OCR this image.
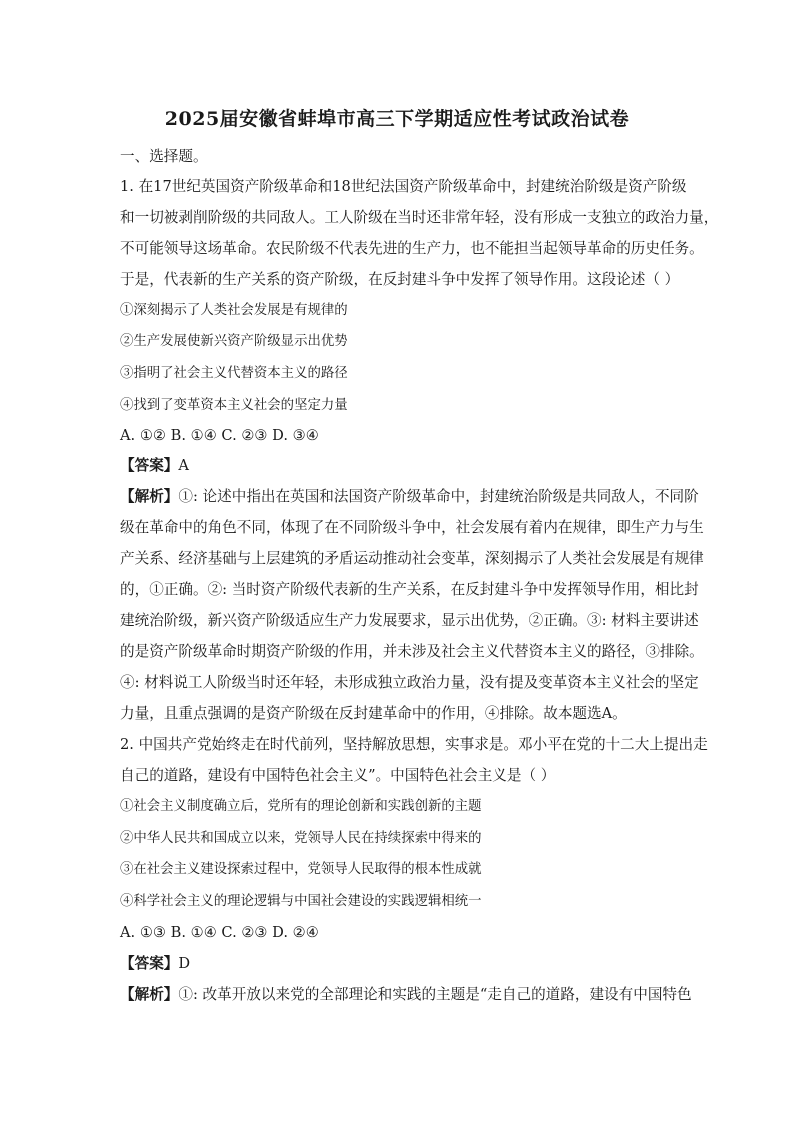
2025届安徽省蚌埠市高三下学期适应性考试政治试卷
一、选择题。
1. 在17世纪英国资产阶级革命和18世纪法国资产阶级革命中，封建统治阶级是资产阶级
和一切被剥削阶级的共同敌人。工人阶级在当时还非常年轻，没有形成一支独立的政治力量，
不可能领导这场革命。农民阶级不代表先进的生产力，也不能担当起领导革命的历史任务。
于是，代表新的生产关系的资产阶级，在反封建斗争中发挥了领导作用。这段论述（ ）
①深刻揭示了人类社会发展是有规律的
②生产发展使新兴资产阶级显示出优势
③指明了社会主义代替资本主义的路径
④找到了变革资本主义社会的坚定力量
A. ①② B. ①④ C. ②③ D. ③④
【答案】A
【解析】①: 论述中指出在英国和法国资产阶级革命中，封建统治阶级是共同敌人，不同阶
级在革命中的角色不同，体现了在不同阶级斗争中，社会发展有着内在规律，即生产力与生
产关系、经济基础与上层建筑的矛盾运动推动社会变革，深刻揭示了人类社会发展是有规律
的，①正确。②: 当时资产阶级代表新的生产关系，在反封建斗争中发挥领导作用，相比封
建统治阶级，新兴资产阶级适应生产力发展要求，显示出优势，②正确。③: 材料主要讲述
的是资产阶级革命时期资产阶级的作用，并未涉及社会主义代替资本主义的路径，③排除。
④: 材料说工人阶级当时还年轻，未形成独立政治力量，没有提及变革资本主义社会的坚定
力量，且重点强调的是资产阶级在反封建革命中的作用，④排除。故本题选A。
2. 中国共产党始终走在时代前列，坚持解放思想，实事求是。邓小平在党的十二大上提出走
自己的道路，建设有中国特色社会主义”。中国特色社会主义是（ ）
①社会主义制度确立后，党所有的理论创新和实践创新的主题
②中华人民共和国成立以来，党领导人民在持续探索中得来的
③在社会主义建设探索过程中，党领导人民取得的根本性成就
④科学社会主义的理论逻辑与中国社会建设的实践逻辑相统一
A. ①③ B. ①④ C. ②③ D. ②④
【答案】D
【解析】①: 改革开放以来党的全部理论和实践的主题是“走自己的道路，建设有中国特色
